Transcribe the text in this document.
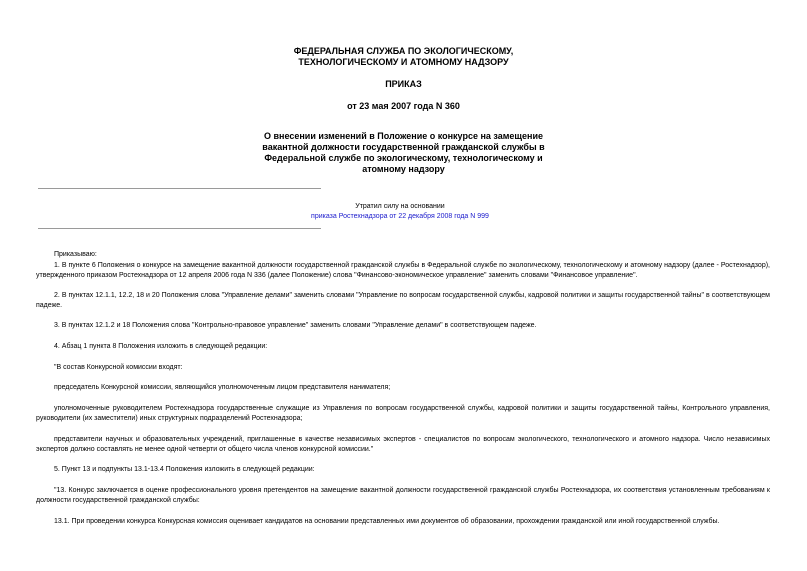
ФЕДЕРАЛЬНАЯ СЛУЖБА ПО ЭКОЛОГИЧЕСКОМУ,
ТЕХНОЛОГИЧЕСКОМУ И АТОМНОМУ НАДЗОРУ
ПРИКАЗ
от 23 мая 2007 года N 360
О внесении изменений в Положение о конкурсе на замещение
вакантной должности государственной гражданской службы в
Федеральной службе по экологическому, технологическому и
атомному надзору
Утратил силу на основании
приказа Ростехнадзора от 22 декабря 2008 года N 999
Приказываю:
1. В пункте 6 Положения о конкурсе на замещение вакантной должности государственной гражданской службы в Федеральной службе по экологическому, технологическому и атомному надзору (далее - Ростехнадзор), утвержденного приказом Ростехнадзора от 12 апреля 2006 года N 336 (далее Положение) слова "Финансово-экономическое управление" заменить словами "Финансовое управление".
2. В пунктах 12.1.1, 12.2, 18 и 20 Положения слова "Управление делами" заменить словами "Управление по вопросам государственной службы, кадровой политики и защиты государственной тайны" в соответствующем падеже.
3. В пунктах 12.1.2 и 18 Положения слова "Контрольно-правовое управление" заменить словами "Управление делами" в соответствующем падеже.
4. Абзац 1 пункта 8 Положения изложить в следующей редакции:
"В состав Конкурсной комиссии входят:
председатель Конкурсной комиссии, являющийся уполномоченным лицом представителя нанимателя;
уполномоченные руководителем Ростехнадзора государственные служащие из Управления по вопросам государственной службы, кадровой политики и защиты государственной тайны, Контрольного управления, руководители (их заместители) иных структурных подразделений Ростехнадзора;
представители научных и образовательных учреждений, приглашенные в качестве независимых экспертов - специалистов по вопросам экологического, технологического и атомного надзора. Число независимых экспертов должно составлять не менее одной четверти от общего числа членов конкурсной комиссии."
5. Пункт 13 и подпункты 13.1-13.4 Положения изложить в следующей редакции:
"13. Конкурс заключается в оценке профессионального уровня претендентов на замещение вакантной должности государственной гражданской службы Ростехнадзора, их соответствия установленным требованиям к должности государственной гражданской службы:
13.1. При проведении конкурса Конкурсная комиссия оценивает кандидатов на основании представленных ими документов об образовании, прохождении гражданской или иной государственной службы.
